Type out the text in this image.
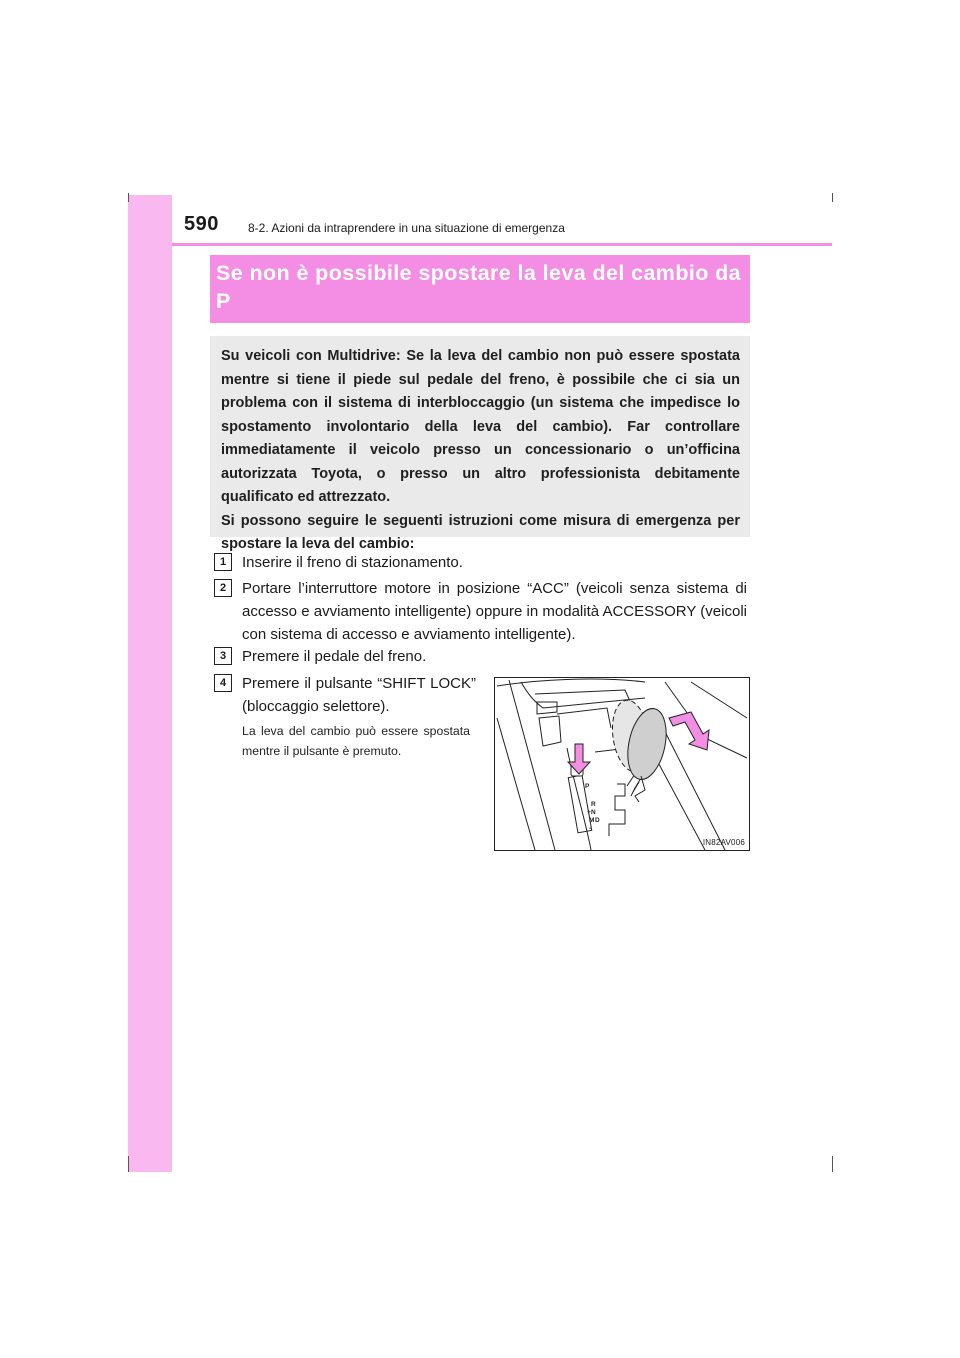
590 8-2. Azioni da intraprendere in una situazione di emergenza
Se non è possibile spostare la leva del cambio da P

Su veicoli con Multidrive: Se la leva del cambio non può essere spostata mentre si tiene il piede sul pedale del freno, è possibile che ci sia un problema con il sistema di interbloccaggio (un sistema che impedisce lo spostamento involontario della leva del cambio). Far controllare immediatamente il veicolo presso un concessionario o un’officina autorizzata Toyota, o presso un altro professionista debitamente qualificato ed attrezzato.

Si possono seguire le seguenti istruzioni come misura di emergenza per spostare la leva del cambio:

1	Inserire il freno di stazionamento.

2	Portare l’interruttore motore in posizione “ACC” (veicoli senza sistema di accesso e avviamento intelligente) oppure in modalità ACCESSORY (veicoli con sistema di accesso e avviamento intelligente).

3	Premere il pedale del freno.

4	Premere il pulsante “SHIFT LOCK” (bloccaggio selettore).

La leva del cambio può essere spostata mentre il pulsante è premuto.

P
R
N
D
M
+
-
IN82AV006
